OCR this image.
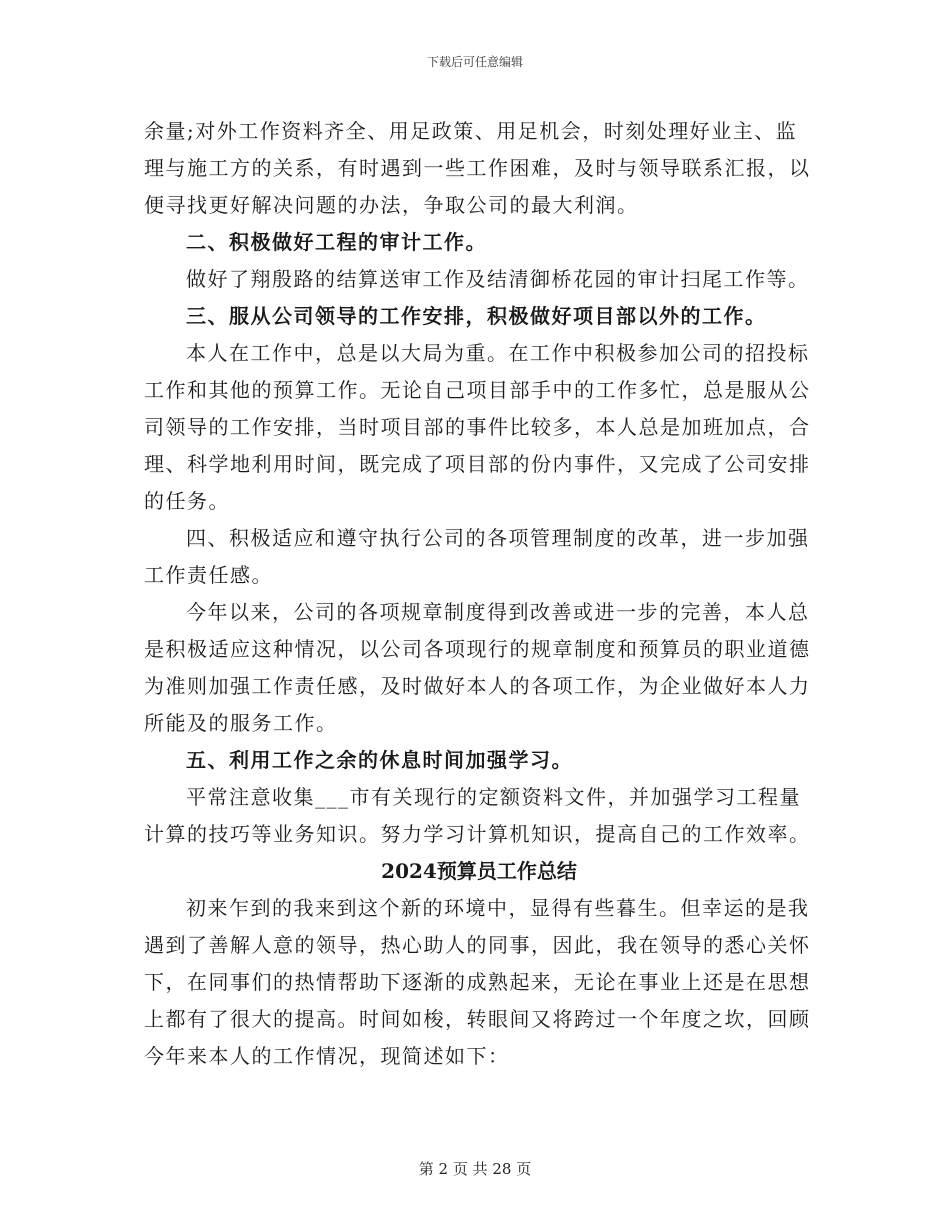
下载后可任意编辑

余量;对外工作资料齐全、用足政策、用足机会，时刻处理好业主、监理与施工方的关系，有时遇到一些工作困难，及时与领导联系汇报，以便寻找更好解决问题的办法，争取公司的最大利润。

二、积极做好工程的审计工作。

做好了翔殷路的结算送审工作及结清御桥花园的审计扫尾工作等。

三、服从公司领导的工作安排，积极做好项目部以外的工作。

本人在工作中，总是以大局为重。在工作中积极参加公司的招投标工作和其他的预算工作。无论自己项目部手中的工作多忙，总是服从公司领导的工作安排，当时项目部的事件比较多，本人总是加班加点，合理、科学地利用时间，既完成了项目部的份内事件，又完成了公司安排的任务。

四、积极适应和遵守执行公司的各项管理制度的改革，进一步加强工作责任感。

今年以来，公司的各项规章制度得到改善或进一步的完善，本人总是积极适应这种情况，以公司各项现行的规章制度和预算员的职业道德为准则加强工作责任感，及时做好本人的各项工作，为企业做好本人力所能及的服务工作。

五、利用工作之余的休息时间加强学习。

平常注意收集___市有关现行的定额资料文件，并加强学习工程量计算的技巧等业务知识。努力学习计算机知识，提高自己的工作效率。

2024预算员工作总结

初来乍到的我来到这个新的环境中，显得有些暮生。但幸运的是我遇到了善解人意的领导，热心助人的同事，因此，我在领导的悉心关怀下，在同事们的热情帮助下逐渐的成熟起来，无论在事业上还是在思想上都有了很大的提高。时间如梭，转眼间又将跨过一个年度之坎，回顾今年来本人的工作情况，现简述如下：

第 2 页 共 28 页
